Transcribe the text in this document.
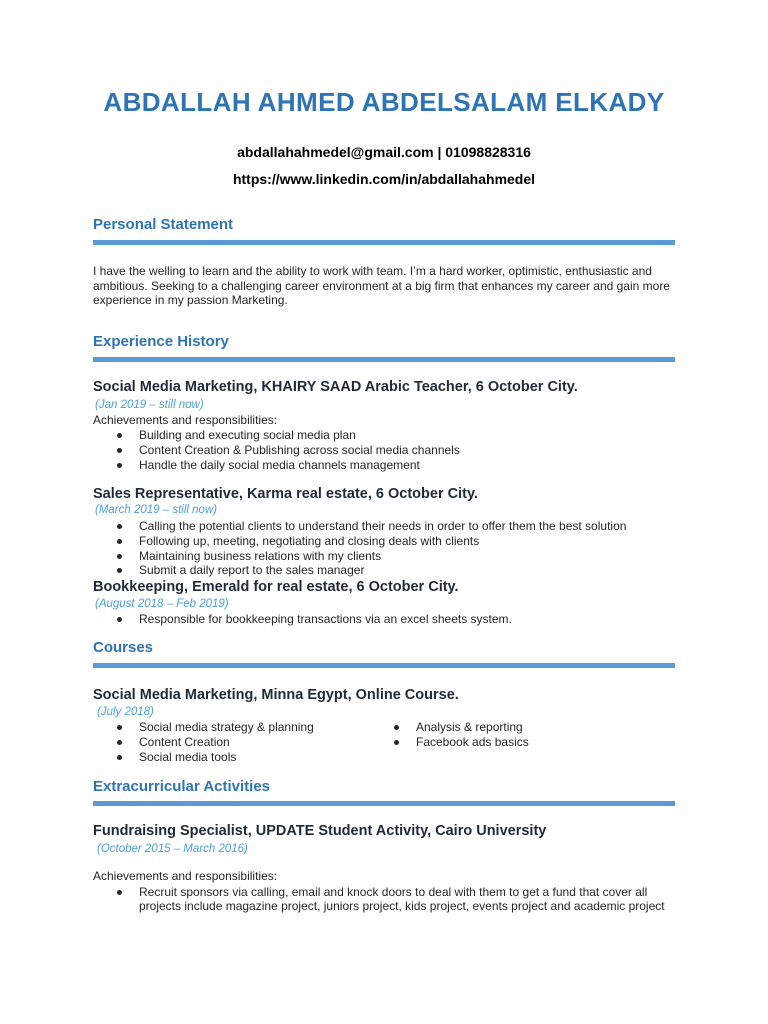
ABDALLAH AHMED ABDELSALAM ELKADY
abdallahahmedel@gmail.com | 01098828316
https://www.linkedin.com/in/abdallahahmedel
Personal Statement
I have the welling to learn and the ability to work with team. I’m a hard worker, optimistic, enthusiastic and ambitious. Seeking to a challenging career environment at a big firm that enhances my career and gain more experience in my passion Marketing.
Experience History
Social Media Marketing, KHAIRY SAAD Arabic Teacher, 6 October City.
(Jan 2019 – still now)
Achievements and responsibilities:
Building and executing social media plan
Content Creation & Publishing across social media channels
Handle the daily social media channels management
Sales Representative, Karma real estate, 6 October City.
(March 2019 – still now)
Calling the potential clients to understand their needs in order to offer them the best solution
Following up, meeting, negotiating and closing deals with clients
Maintaining business relations with my clients
Submit a daily report to the sales manager
Bookkeeping, Emerald for real estate, 6 October City.
(August 2018 – Feb 2019)
Responsible for bookkeeping transactions via an excel sheets system.
Courses
Social Media Marketing, Minna Egypt, Online Course.
(July 2018)
Social media strategy & planning
Content Creation
Social media tools
Analysis & reporting
Facebook ads basics
Extracurricular Activities
Fundraising Specialist, UPDATE Student Activity, Cairo University
(October 2015 – March 2016)
Achievements and responsibilities:
Recruit sponsors via calling, email and knock doors to deal with them to get a fund that cover all projects include magazine project, juniors project, kids project, events project and academic project
